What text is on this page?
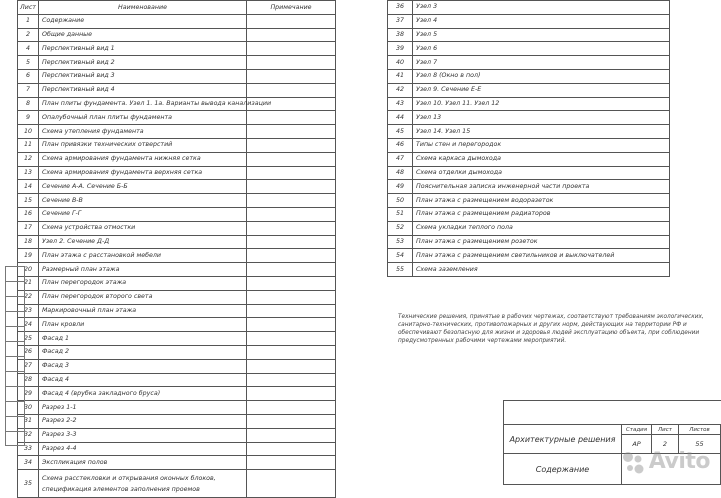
Лист	Наименование	Примечание
1	Содержание	
2	Общие данные	
4	Перспективный вид 1	
5	Перспективный вид 2	
6	Перспективный вид 3	
7	Перспективный вид 4	
8	План плиты фундамента. Узел 1. 1а. Варианты вывода канализации	
9	Опалубочный план плиты фундамента	
10	Схема утепления фундамента	
11	План привязки технических отверстий	
12	Схема армирования фундамента нижняя сетка	
13	Схема армирования фундамента верхняя сетка	
14	Сечение А-А. Сечение Б-Б	
15	Сечение В-В	
16	Сечение Г-Г	
17	Схема устройства отмостки	
18	Узел 2. Сечение Д-Д	
19	План этажа с расстановкой мебели	
20	Размерный план этажа	
21	План перегородок этажа	
22	План перегородок второго света	
23	Маркировочный план этажа	
24	План кровли	
25	Фасад 1	
26	Фасад 2	
27	Фасад 3	
28	Фасад 4	
29	Фасад 4 (врубка закладного бруса)	
30	Разрез 1-1	
31	Разрез 2-2	
32	Разрез 3-3	
33	Разрез 4-4	
34	Экспликация полов	
35	Схема расстекловки и открывания оконных блоков,
спецификация элементов заполнения проемов	

36	Узел 3
37	Узел 4
38	Узел 5
39	Узел 6
40	Узел 7
41	Узел 8 (Окно в пол)
42	Узел 9. Сечение Е-Е
43	Узел 10. Узел 11. Узел 12
44	Узел 13
45	Узел 14. Узел 15
46	Типы стен и перегородок
47	Схема каркаса дымохода
48	Схема отделки дымохода
49	Пояснительная записка инженерной части проекта
50	План этажа с размещением водоразеток
51	План этажа с размещением радиаторов
52	Схема укладки теплого пола
53	План этажа с размещением розеток
54	План этажа с размещением светильников и выключателей
55	Схема заземления
Технические решения, принятые в рабочих чертежах, соответствуют требованиям экологических,
санитарно-технических, противопожарных и других норм, действующих на территории РФ и
обеспечивают безопасную для жизни и здоровья людей эксплуатацию объекта, при соблюдении
предусмотренных рабочими чертежами мероприятий.
Архитектурные решения	Стадия	Лист	Листов
	АР	2	55
Содержание				Avito
